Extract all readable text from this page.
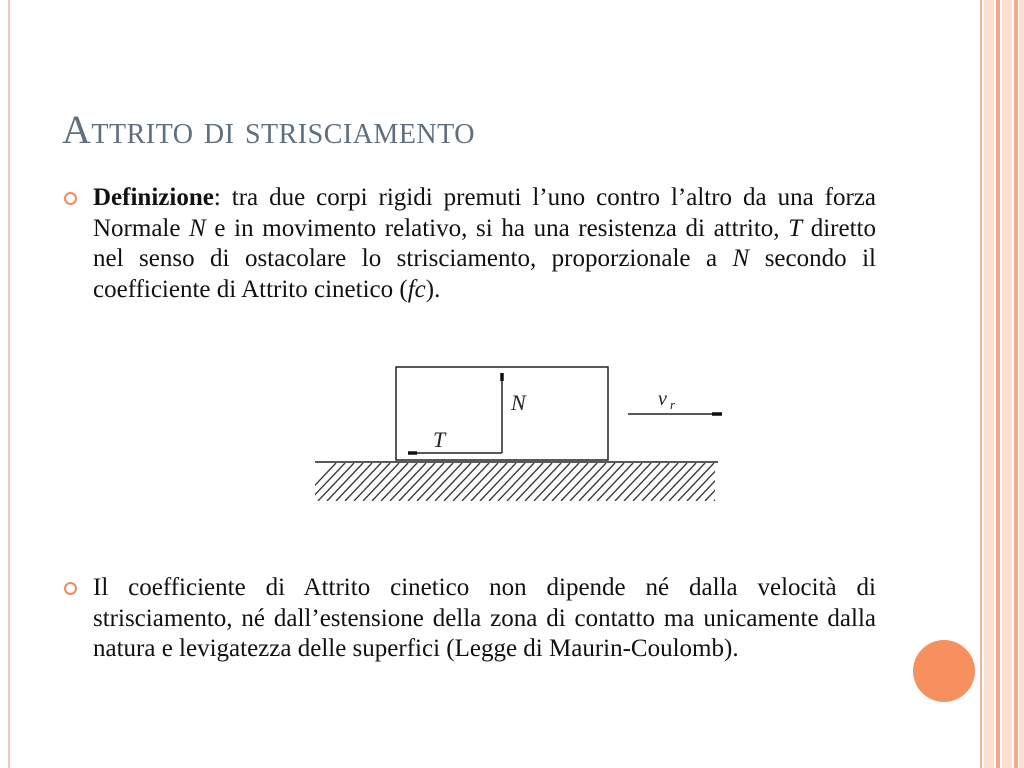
Attrito di strisciamento
Definizione: tra due corpi rigidi premuti l’uno contro l’altro da una forza Normale N e in movimento relativo, si ha una resistenza di attrito, T diretto nel senso di ostacolare lo strisciamento, proporzionale a N secondo il coefficiente di Attrito cinetico (fc).
N
T
v r
Il coefficiente di Attrito cinetico non dipende né dalla velocità di strisciamento, né dall’estensione della zona di contatto ma unicamente dalla natura e levigatezza delle superfici (Legge di Maurin-Coulomb).
